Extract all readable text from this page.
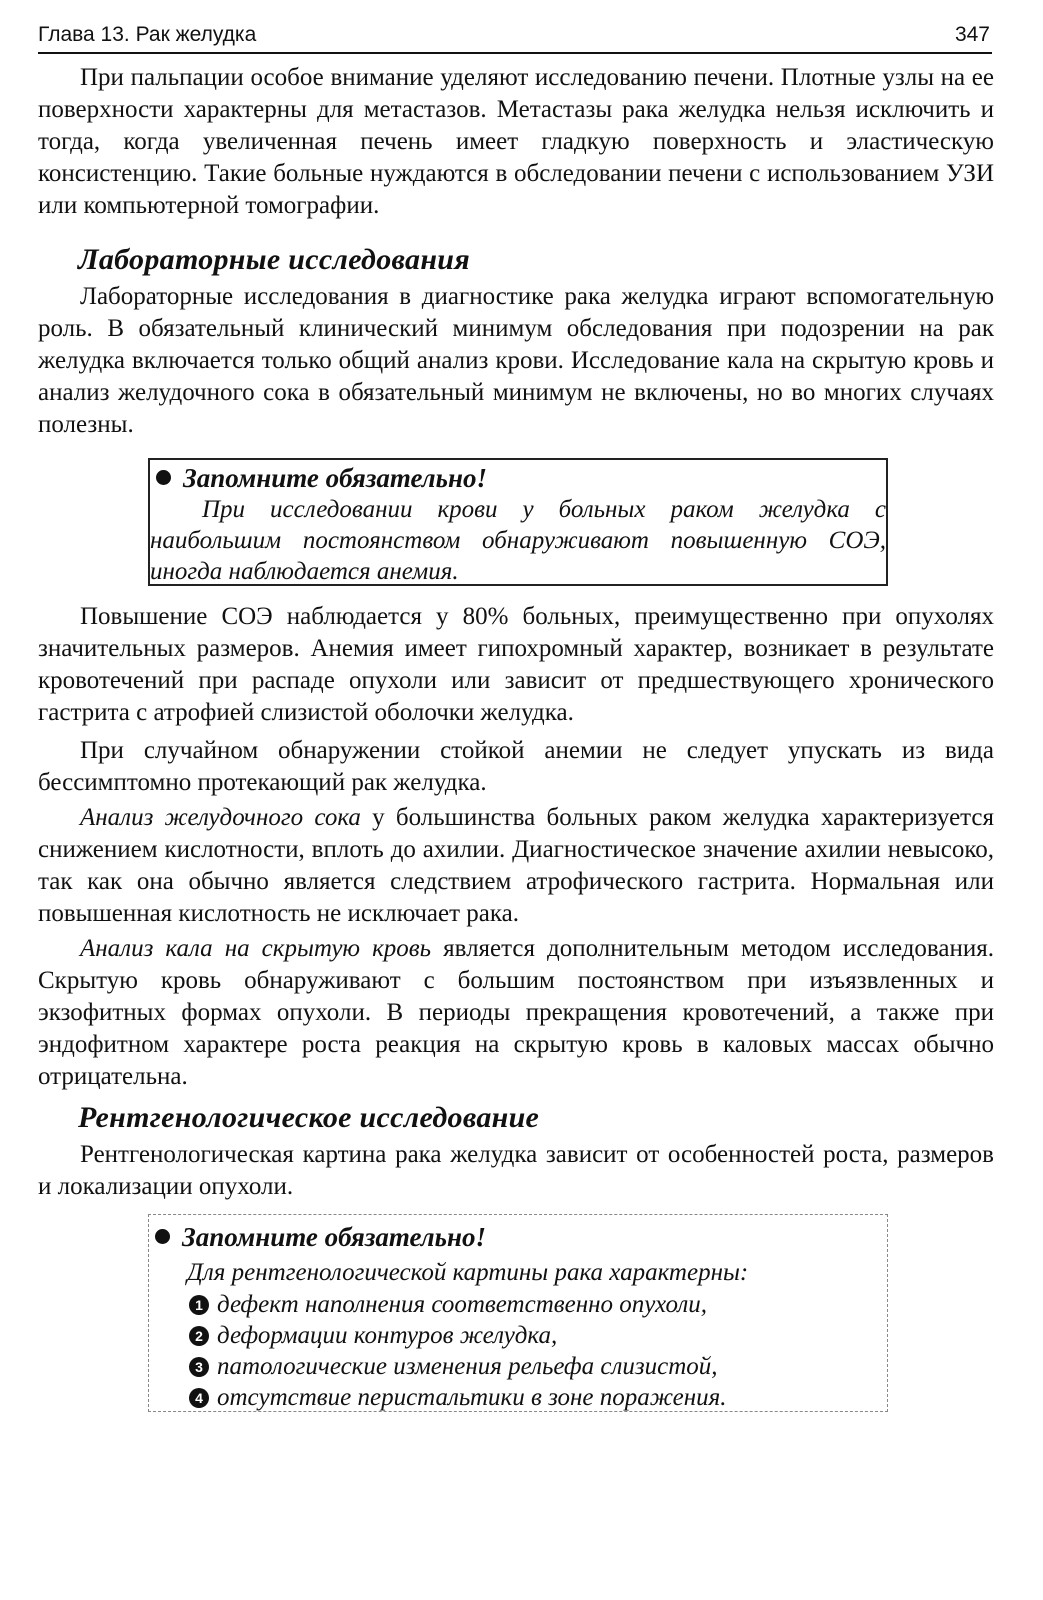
Глава 13. Рак желудка	347

При пальпации особое внимание уделяют исследованию печени. Плотные узлы на ее поверхности характерны для метастазов. Метастазы рака желудка нельзя исключить и тогда, когда увеличенная печень имеет гладкую поверхность и эластическую консистенцию. Такие больные нуждаются в обследовании печени с использованием УЗИ или компьютерной томографии.

Лабораторные исследования

Лабораторные исследования в диагностике рака желудка играют вспомогательную роль. В обязательный клинический минимум обследования при подозрении на рак желудка включается только общий анализ крови. Исследование кала на скрытую кровь и анализ желудочного сока в обязательный минимум не включены, но во многих случаях полезны.

Запомните обязательно!

При исследовании крови у больных раком желудка с наибольшим постоянством обнаруживают повышенную СОЭ, иногда наблюдается анемия.

Повышение СОЭ наблюдается у 80% больных, преимущественно при опухолях значительных размеров. Анемия имеет гипохромный характер, возникает в результате кровотечений при распаде опухоли или зависит от предшествующего хронического гастрита с атрофией слизистой оболочки желудка.

При случайном обнаружении стойкой анемии не следует упускать из вида бессимптомно протекающий рак желудка.

Анализ желудочного сока у большинства больных раком желудка характеризуется снижением кислотности, вплоть до ахилии. Диагностическое значение ахилии невысоко, так как она обычно является следствием атрофического гастрита. Нормальная или повышенная кислотность не исключает рака.

Анализ кала на скрытую кровь является дополнительным методом исследования. Скрытую кровь обнаруживают с большим постоянством при изъязвленных и экзофитных формах опухоли. В периоды прекращения кровотечений, а также при эндофитном характере роста реакция на скрытую кровь в каловых массах обычно отрицательна.

Рентгенологическое исследование

Рентгенологическая картина рака желудка зависит от особенностей роста, размеров и локализации опухоли.

Запомните обязательно!

Для рентгенологической картины рака характерны:

1 дефект наполнения соответственно опухоли,
2 деформации контуров желудка,
3 патологические изменения рельефа слизистой,
4 отсутствие перистальтики в зоне поражения.
